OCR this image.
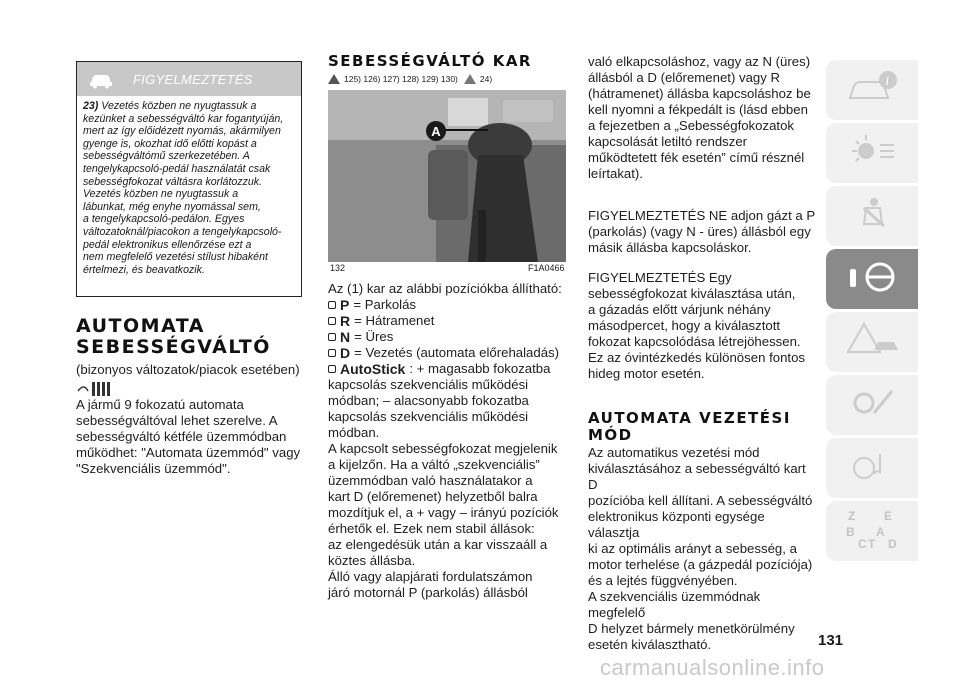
FIGYELMEZTETÉS
23) Vezetés közben ne nyugtassuk a
kezünket a sebességváltó kar fogantyúján,
mert az így előidézett nyomás, akármilyen
gyenge is, okozhat idő előtti kopást a
sebességváltómű szerkezetében. A
tengelykapcsoló-pedál használatát csak
sebességfokozat váltásra korlátozzuk.
Vezetés közben ne nyugtassuk a
lábunkat, még enyhe nyomással sem,
a tengelykapcsoló-pedálon. Egyes
változatoknál/piacokon a tengelykapcsoló-
pedál elektronikus ellenőrzése ezt a
nem megfelelő vezetési stílust hibaként
értelmezi, és beavatkozik.
AUTOMATA
SEBESSÉGVÁLTÓ
(bizonyos változatok/piacok esetében)
A jármű 9 fokozatú automata
sebességváltóval lehet szerelve. A
sebességváltó kétféle üzemmódban
működhet: "Automata üzemmód" vagy
"Szekvenciális üzemmód".
SEBESSÉGVÁLTÓ KAR
125) 126) 127) 128) 129) 130)	24)
A
132	F1A0466
Az (1) kar az alábbi pozíciókba állítható:
P = Parkolás
R = Hátramenet
N = Üres
D = Vezetés (automata előrehaladás)
AutoStick : + magasabb fokozatba
kapcsolás szekvenciális működési
módban; – alacsonyabb fokozatba
kapcsolás szekvenciális működési
módban.
A kapcsolt sebességfokozat megjelenik
a kijelzőn. Ha a váltó „szekvenciális”
üzemmódban való használatakor a
kart D (előremenet) helyzetből balra
mozdítjuk el, a + vagy – irányú pozíciók
érhetők el. Ezek nem stabil állások:
az elengedésük után a kar visszaáll a
köztes állásba.
Álló vagy alapjárati fordulatszámon
járó motornál P (parkolás) állásból
való elkapcsoláshoz, vagy az N (üres)
állásból a D (előremenet) vagy R
(hátramenet) állásba kapcsoláshoz be
kell nyomni a fékpedált is (lásd ebben
a fejezetben a „Sebességfokozatok
kapcsolását letiltó rendszer
működtetett fék esetén” című résznél
leírtakat).
FIGYELMEZTETÉS NE adjon gázt a P
(parkolás) (vagy N - üres) állásból egy
másik állásba kapcsoláskor.
FIGYELMEZTETÉS Egy
sebességfokozat kiválasztása után,
a gázadás előtt várjunk néhány
másodpercet, hogy a kiválasztott
fokozat kapcsolódása létrejöhessen.
Ez az óvintézkedés különösen fontos
hideg motor esetén.
AUTOMATA VEZETÉSI
MÓD
Az automatikus vezetési mód
kiválasztásához a sebességváltó kart D
pozícióba kell állítani. A sebességváltó
elektronikus központi egysége választja
ki az optimális arányt a sebesség, a
motor terhelése (a gázpedál pozíciója)
és a lejtés függvényében.
A szekvenciális üzemmódnak megfelelő
D helyzet bármely menetkörülmény
esetén kiválasztható.
i
Z E
B A
C D
T
131
carmanualsonline.info
